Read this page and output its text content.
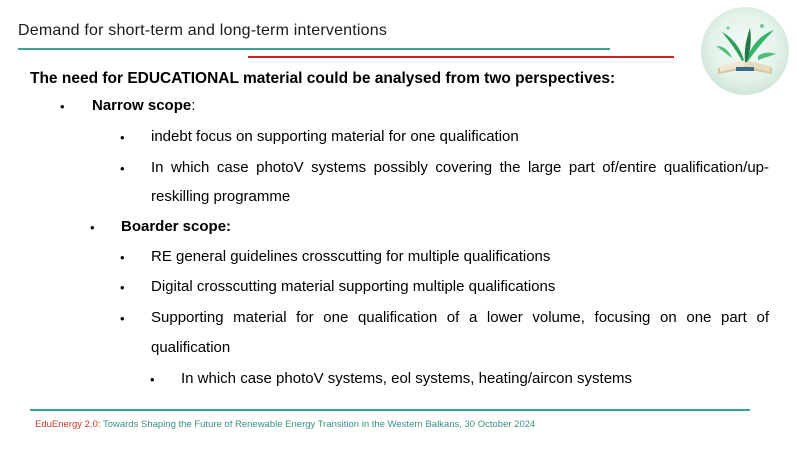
Demand for short-term and long-term interventions
The need for EDUCATIONAL material could be analysed from two perspectives:
• Narrow scope:
• indebt focus on supporting material for one qualification
• In which case photoV systems possibly covering the large part of/entire qualification/up-
reskilling programme
• Boarder scope:
• RE general guidelines crosscutting for multiple qualifications
• Digital crosscutting material supporting multiple qualifications
• Supporting material for one qualification of a lower volume, focusing on one part of
qualification
• In which case photoV systems, eol systems, heating/aircon systems
EduEnergy 2.0: Towards Shaping the Future of Renewable Energy Transition in the Western Balkans, 30 October 2024
